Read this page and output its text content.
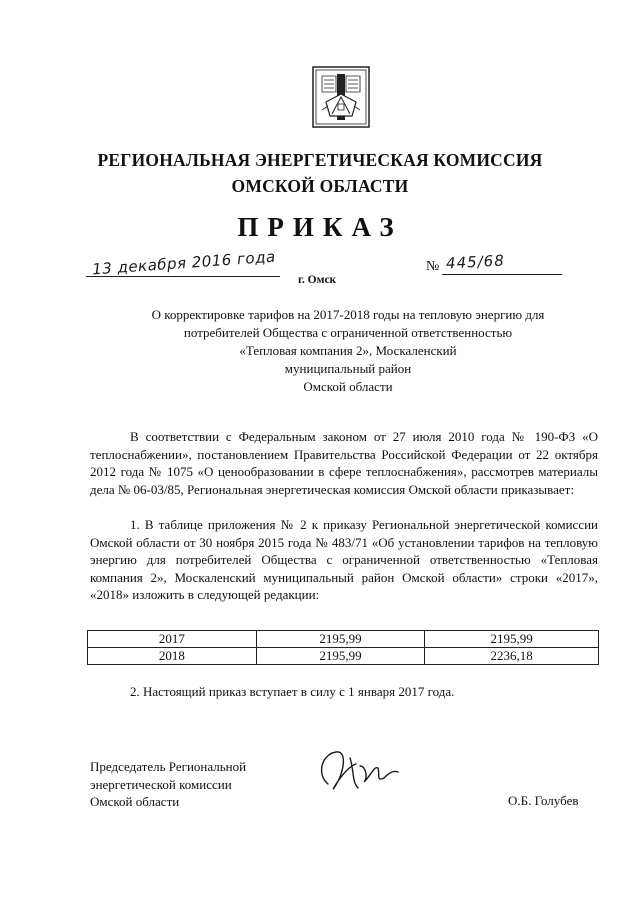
РЕГИОНАЛЬНАЯ ЭНЕРГЕТИЧЕСКАЯ КОМИССИЯ
ОМСКОЙ ОБЛАСТИ
ПРИКАЗ
13 декабря 2016 года
г. Омск
№ 445/68
О корректировке тарифов на 2017-2018 годы на тепловую энергию для
потребителей Общества с ограниченной ответственностью
«Тепловая компания 2», Москаленский
муниципальный район
Омской области
В соответствии с Федеральным законом от 27 июля 2010 года № 190-ФЗ «О теплоснабжении», постановлением Правительства Российской Федерации от 22 октября 2012 года № 1075 «О ценообразовании в сфере теплоснабжения», рассмотрев материалы дела № 06-03/85, Региональная энергетическая комиссия Омской области приказывает:
1. В таблице приложения № 2 к приказу Региональной энергетической комиссии Омской области от 30 ноября 2015 года № 483/71 «Об установлении тарифов на тепловую энергию для потребителей Общества с ограниченной ответственностью «Тепловая компания 2», Москаленский муниципальный район Омской области» строки «2017», «2018» изложить в следующей редакции:
2017	2195,99	2195,99
2018	2195,99	2236,18
2. Настоящий приказ вступает в силу с 1 января 2017 года.
Председатель Региональной
энергетической комиссии
Омской области	О.Б. Голубев
